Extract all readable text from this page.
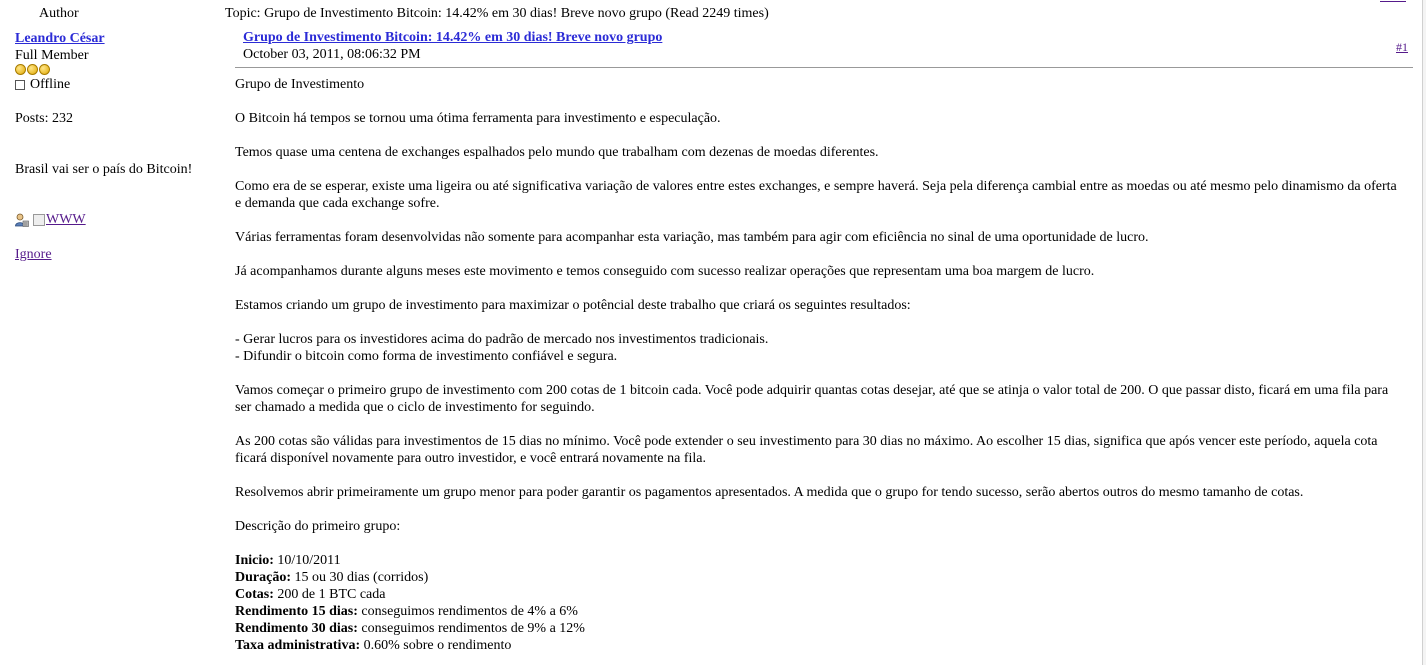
Author	Topic: Grupo de Investimento Bitcoin: 14.42% em 30 dias! Breve novo grupo (Read 2249 times)
Leandro César
Full Member
Offline
Posts: 232
Brasil vai ser o país do Bitcoin!
WWW
Ignore
Grupo de Investimento Bitcoin: 14.42% em 30 dias! Breve novo grupo
October 03, 2011, 08:06:32 PM	#1

Grupo de Investimento

O Bitcoin há tempos se tornou uma ótima ferramenta para investimento e especulação.

Temos quase uma centena de exchanges espalhados pelo mundo que trabalham com dezenas de moedas diferentes.

Como era de se esperar, existe uma ligeira ou até significativa variação de valores entre estes exchanges, e sempre haverá. Seja pela diferença cambial entre as moedas ou até mesmo pelo dinamismo da oferta e demanda que cada exchange sofre.

Várias ferramentas foram desenvolvidas não somente para acompanhar esta variação, mas também para agir com eficiência no sinal de uma oportunidade de lucro.

Já acompanhamos durante alguns meses este movimento e temos conseguido com sucesso realizar operações que representam uma boa margem de lucro.

Estamos criando um grupo de investimento para maximizar o potêncial deste trabalho que criará os seguintes resultados:

- Gerar lucros para os investidores acima do padrão de mercado nos investimentos tradicionais.

- Difundir o bitcoin como forma de investimento confiável e segura.

Vamos começar o primeiro grupo de investimento com 200 cotas de 1 bitcoin cada. Você pode adquirir quantas cotas desejar, até que se atinja o valor total de 200. O que passar disto, ficará em uma fila para ser chamado a medida que o ciclo de investimento for seguindo.

As 200 cotas são válidas para investimentos de 15 dias no mínimo. Você pode extender o seu investimento para 30 dias no máximo. Ao escolher 15 dias, significa que após vencer este período, aquela cota ficará disponível novamente para outro investidor, e você entrará novamente na fila.

Resolvemos abrir primeiramente um grupo menor para poder garantir os pagamentos apresentados. A medida que o grupo for tendo sucesso, serão abertos outros do mesmo tamanho de cotas.

Descrição do primeiro grupo:

Inicio: 10/10/2011
Duração: 15 ou 30 dias (corridos)
Cotas: 200 de 1 BTC cada
Rendimento 15 dias: conseguimos rendimentos de 4% a 6%
Rendimento 30 dias: conseguimos rendimentos de 9% a 12%
Taxa administrativa: 0.60% sobre o rendimento
